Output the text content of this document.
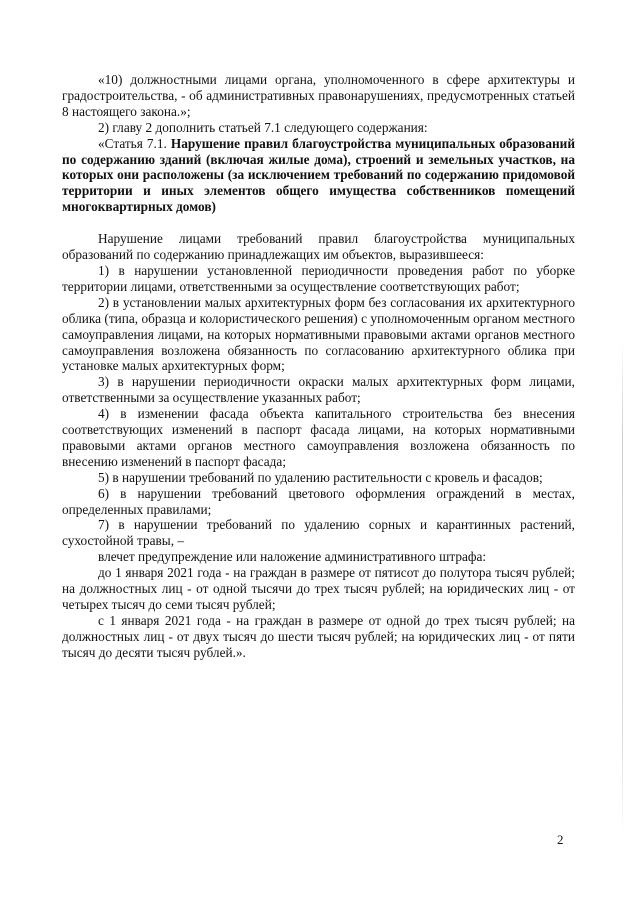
«10) должностными лицами органа, уполномоченного в сфере архитектуры и градостроительства, - об административных правонарушениях, предусмотренных статьей 8 настоящего закона.»;

2) главу 2 дополнить статьей 7.1 следующего содержания:

«Статья 7.1. Нарушение правил благоустройства муниципальных образований по содержанию зданий (включая жилые дома), строений и земельных участков, на которых они расположены (за исключением требований по содержанию придомовой территории и иных элементов общего имущества собственников помещений многоквартирных домов)

Нарушение лицами требований правил благоустройства муниципальных образований по содержанию принадлежащих им объектов, выразившееся:

1) в нарушении установленной периодичности проведения работ по уборке территории лицами, ответственными за осуществление соответствующих работ;

2) в установлении малых архитектурных форм без согласования их архитектурного облика (типа, образца и колористического решения) с уполномоченным органом местного самоуправления лицами, на которых нормативными правовыми актами органов местного самоуправления возложена обязанность по согласованию архитектурного облика при установке малых архитектурных форм;

3) в нарушении периодичности окраски малых архитектурных форм лицами, ответственными за осуществление указанных работ;

4) в изменении фасада объекта капитального строительства без внесения соответствующих изменений в паспорт фасада лицами, на которых нормативными правовыми актами органов местного самоуправления возложена обязанность по внесению изменений в паспорт фасада;

5) в нарушении требований по удалению растительности с кровель и фасадов;

6) в нарушении требований цветового оформления ограждений в местах, определенных правилами;

7) в нарушении требований по удалению сорных и карантинных растений, сухостойной травы, –

влечет предупреждение или наложение административного штрафа:

до 1 января 2021 года - на граждан в размере от пятисот до полутора тысяч рублей; на должностных лиц - от одной тысячи до трех тысяч рублей; на юридических лиц - от четырех тысяч до семи тысяч рублей;

с 1 января 2021 года - на граждан в размере от одной до трех тысяч рублей; на должностных лиц - от двух тысяч до шести тысяч рублей; на юридических лиц - от пяти тысяч до десяти тысяч рублей.».

2
